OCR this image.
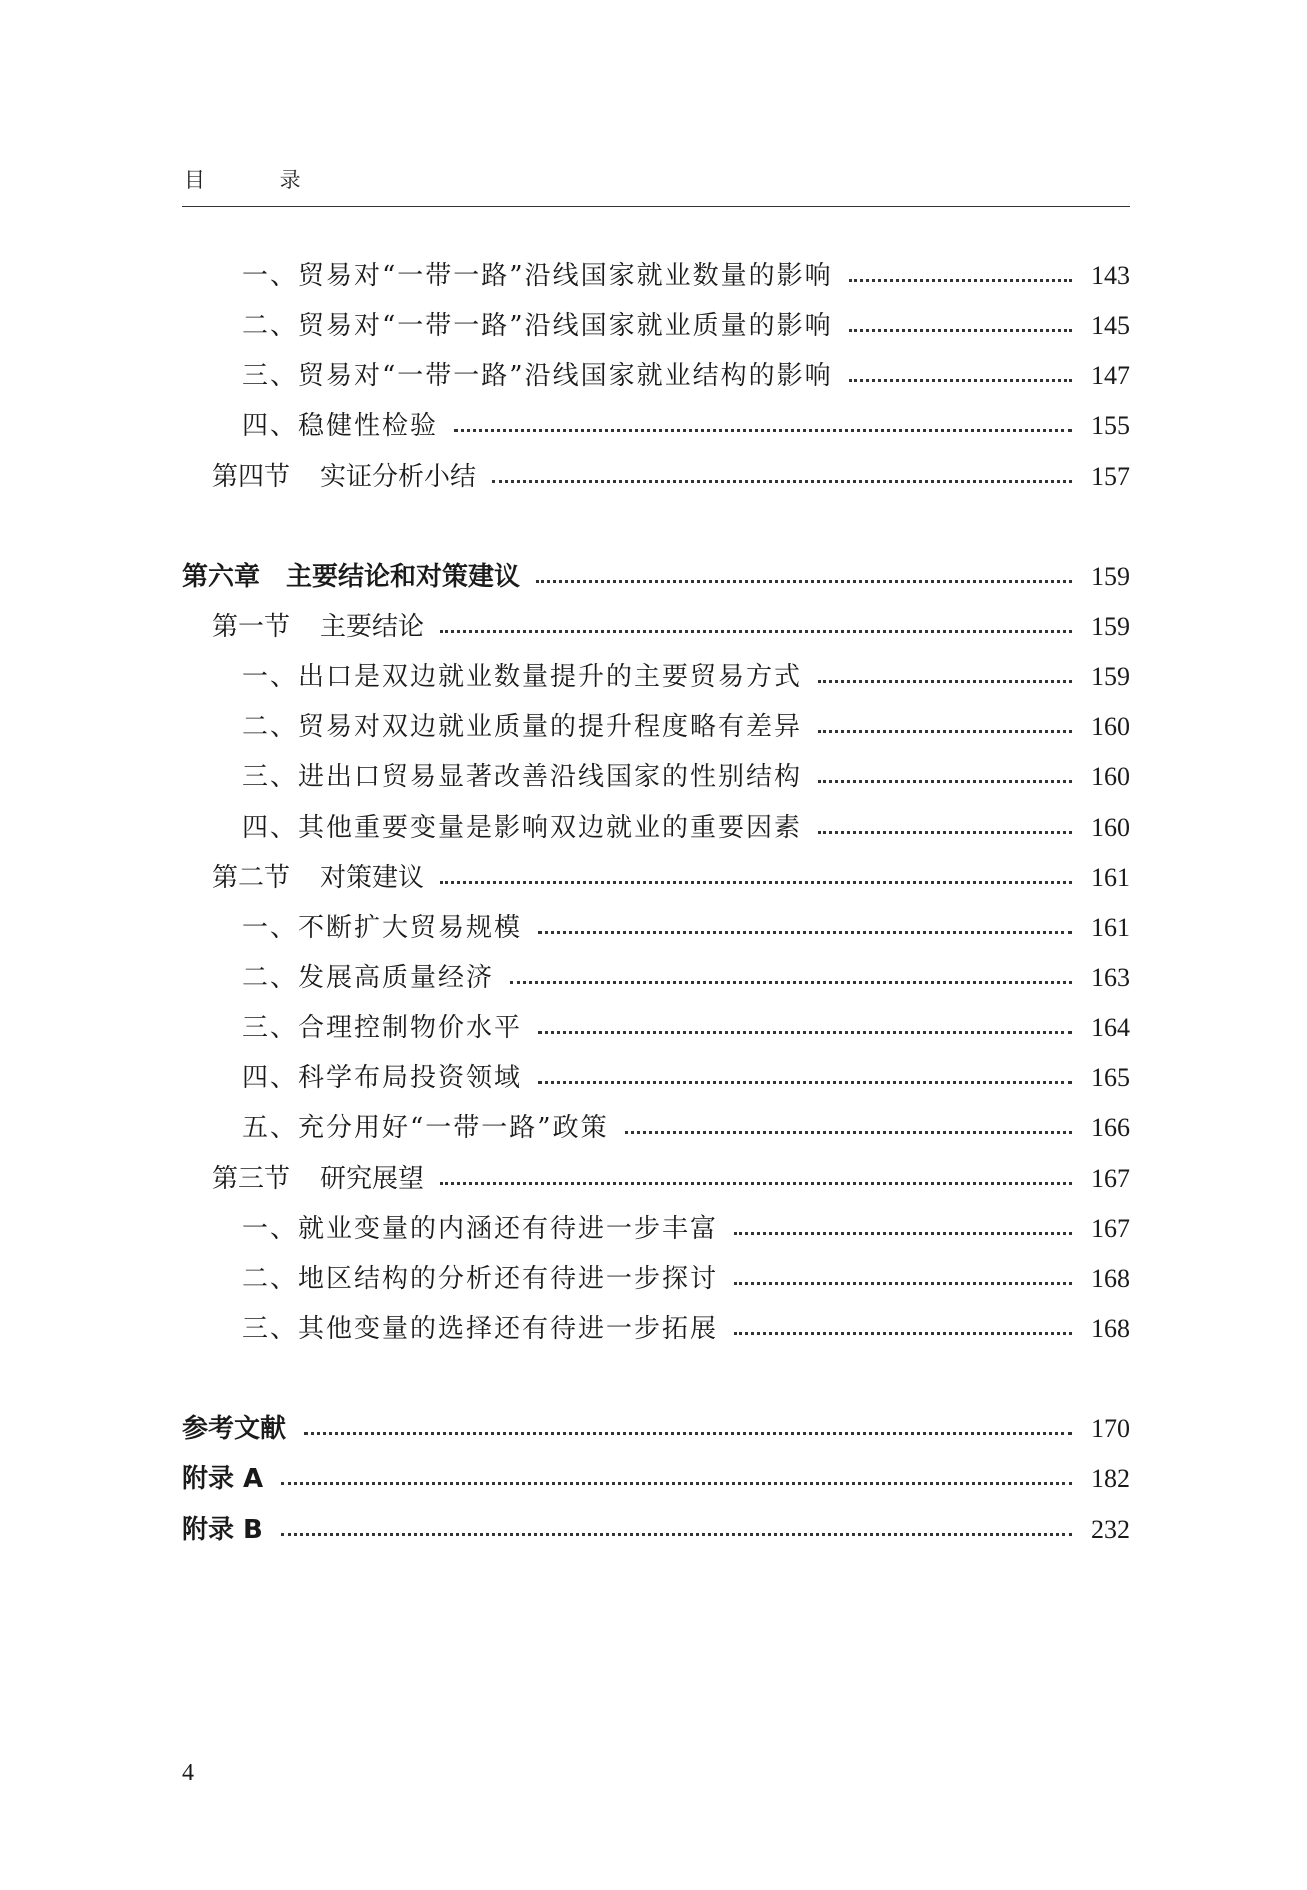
目 录
一、贸易对“一带一路”沿线国家就业数量的影响	143
二、贸易对“一带一路”沿线国家就业质量的影响	145
三、贸易对“一带一路”沿线国家就业结构的影响	147
四、稳健性检验	155
第四节 实证分析小结	157
第六章 主要结论和对策建议	159
第一节 主要结论	159
一、出口是双边就业数量提升的主要贸易方式	159
二、贸易对双边就业质量的提升程度略有差异	160
三、进出口贸易显著改善沿线国家的性别结构	160
四、其他重要变量是影响双边就业的重要因素	160
第二节 对策建议	161
一、不断扩大贸易规模	161
二、发展高质量经济	163
三、合理控制物价水平	164
四、科学布局投资领域	165
五、充分用好“一带一路”政策	166
第三节 研究展望	167
一、就业变量的内涵还有待进一步丰富	167
二、地区结构的分析还有待进一步探讨	168
三、其他变量的选择还有待进一步拓展	168
参考文献	170
附录 A	182
附录 B	232
4
